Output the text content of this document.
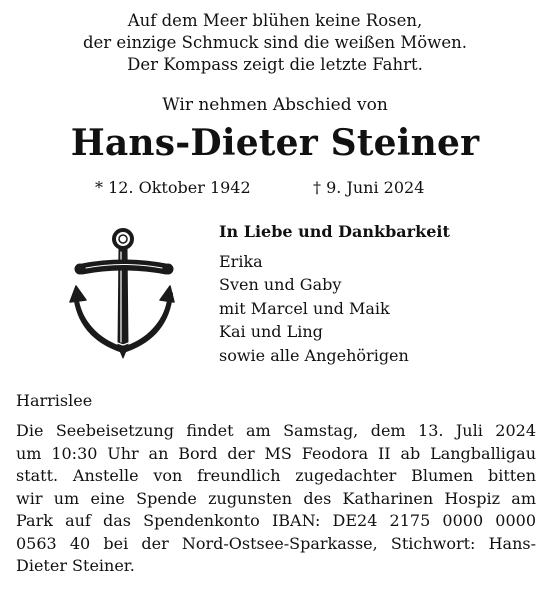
Auf dem Meer blühen keine Rosen,
der einzige Schmuck sind die weißen Möwen.
Der Kompass zeigt die letzte Fahrt.
Wir nehmen Abschied von
Hans-Dieter Steiner
* 12. Oktober 1942	† 9. Juni 2024
In Liebe und Dankbarkeit
Erika
Sven und Gaby
mit Marcel und Maik
Kai und Ling
sowie alle Angehörigen
Harrislee
Die Seebeisetzung findet am Samstag, dem 13. Juli 2024
um 10:30 Uhr an Bord der MS Feodora II ab Langballigau
statt. Anstelle von freundlich zugedachter Blumen bitten
wir um eine Spende zugunsten des Katharinen Hospiz am
Park auf das Spendenkonto IBAN: DE24 2175 0000 0000
0563 40 bei der Nord-Ostsee-Sparkasse, Stichwort: Hans-
Dieter Steiner.
